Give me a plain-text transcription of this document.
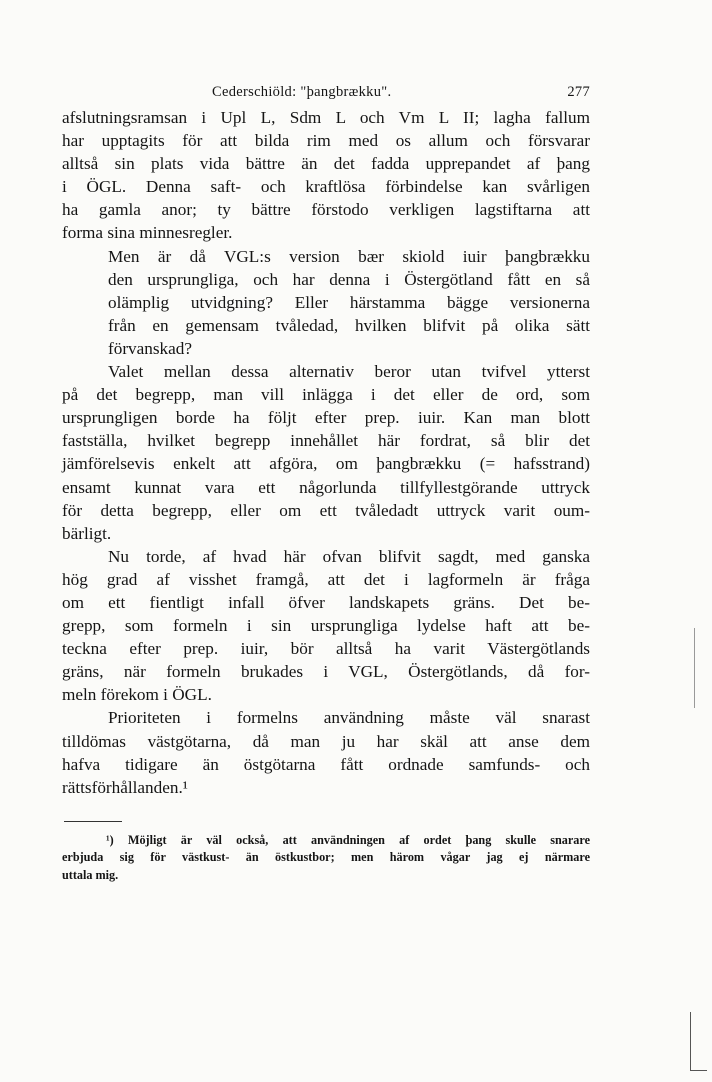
Cederschiöld: "þangbrækku".	277

afslutningsramsan i Upl L, Sdm L och Vm L II; lagha fallum
har upptagits för att bilda rim med os allum och försvarar
alltså sin plats vida bättre än det fadda upprepandet af þang
i ÖGL. Denna saft- och kraftlösa förbindelse kan svårligen
ha gamla anor; ty bättre förstodo verkligen lagstiftarna att
forma sina minnesregler.

Men är då VGL:s version bær skiold iuir þangbrækku
den ursprungliga, och har denna i Östergötland fått en så
olämplig utvidgning? Eller härstamma bägge versionerna
från en gemensam tvåledad, hvilken blifvit på olika sätt
förvanskad?

Valet mellan dessa alternativ beror utan tvifvel ytterst
på det begrepp, man vill inlägga i det eller de ord, som
ursprungligen borde ha följt efter prep. iuir. Kan man blott
fastställa, hvilket begrepp innehållet här fordrat, så blir det
jämförelsevis enkelt att afgöra, om þangbrækku (= hafsstrand)
ensamt kunnat vara ett någorlunda tillfyllestgörande uttryck
för detta begrepp, eller om ett tvåledadt uttryck varit oum-
bärligt.

Nu torde, af hvad här ofvan blifvit sagdt, med ganska
hög grad af visshet framgå, att det i lagformeln är fråga
om ett fientligt infall öfver landskapets gräns. Det be-
grepp, som formeln i sin ursprungliga lydelse haft att be-
teckna efter prep. iuir, bör alltså ha varit Västergötlands
gräns, när formeln brukades i VGL, Östergötlands, då for-
meln förekom i ÖGL.

Prioriteten i formelns användning måste väl snarast
tilldömas västgötarna, då man ju har skäl att anse dem
hafva tidigare än östgötarna fått ordnade samfunds- och
rättsförhållanden.¹

¹) Möjligt är väl också, att användningen af ordet þang skulle snarare
erbjuda sig för västkust- än östkustbor; men härom vågar jag ej närmare
uttala mig.
